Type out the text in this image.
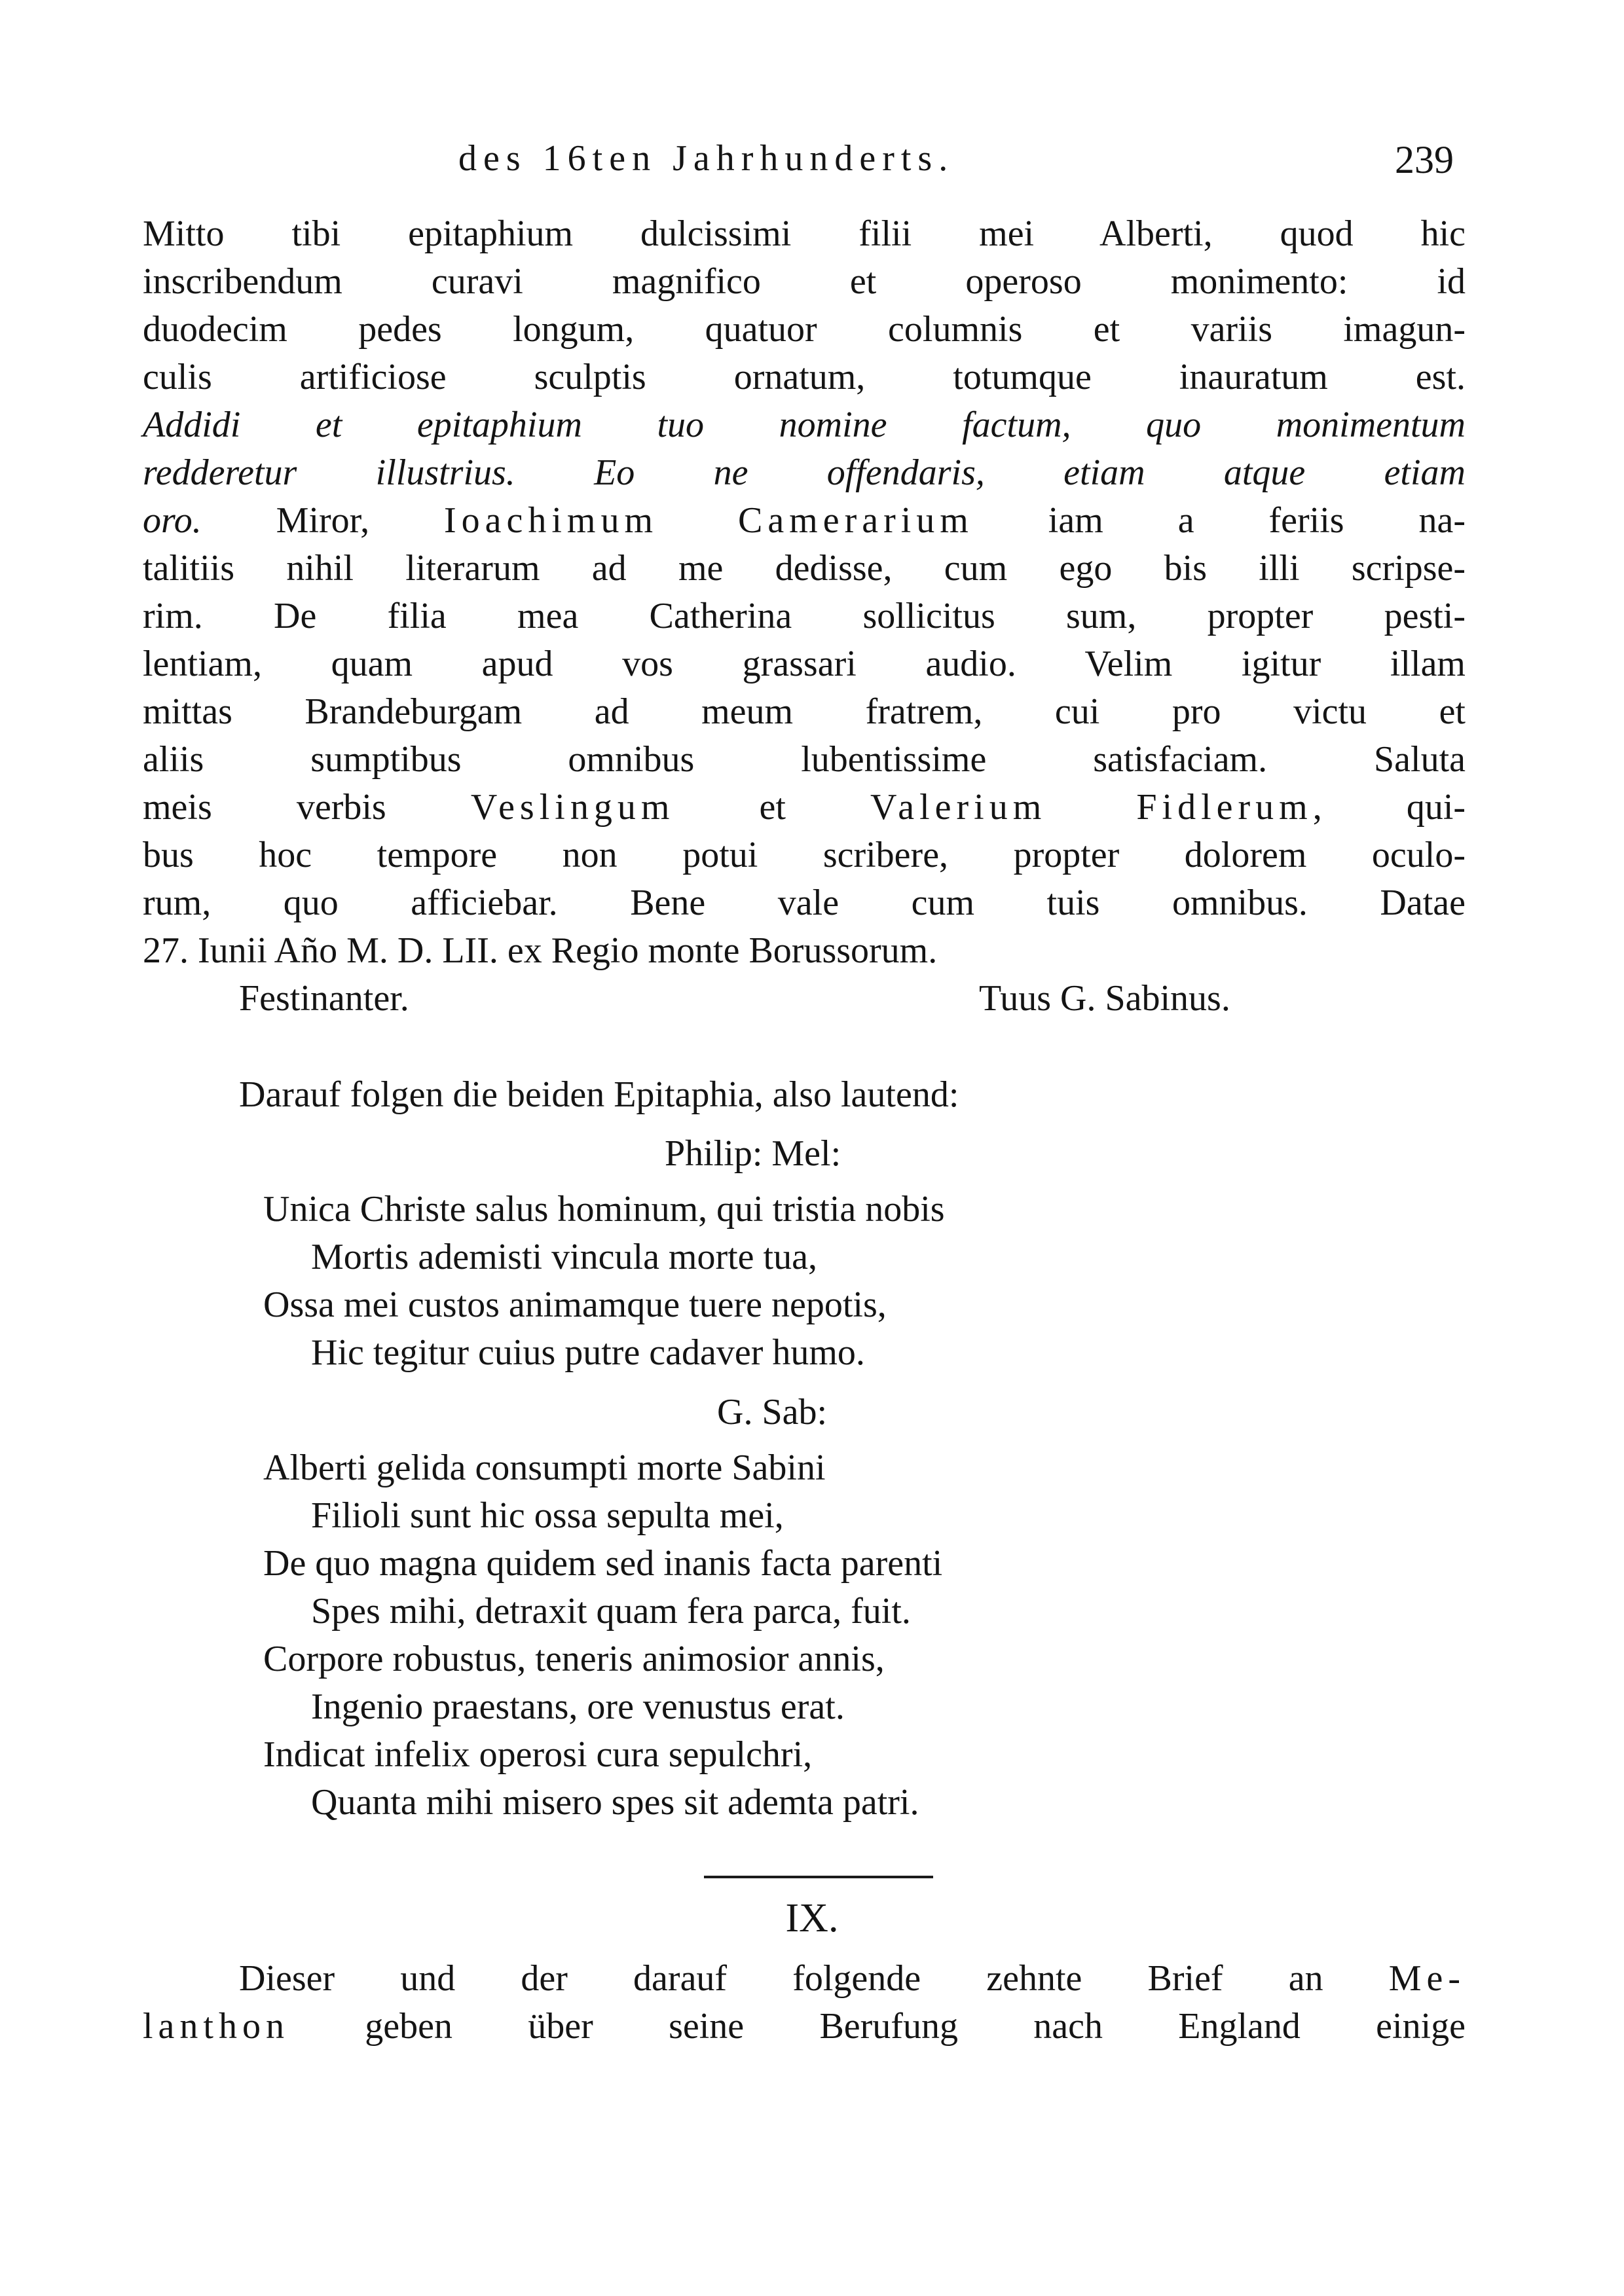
des 16ten Jahrhunderts.	239
Mitto tibi epitaphium dulcissimi filii mei Alberti, quod hic
inscribendum curavi magnifico et operoso monimento: id
duodecim pedes longum, quatuor columnis et variis imagun-
culis artificiose sculptis ornatum, totumque inauratum est.
Addidi et epitaphium tuo nomine factum, quo monimentum
redderetur illustrius. Eo ne offendaris, etiam atque etiam
oro. Miror, Ioachimum Camerarium iam a feriis na-
talitiis nihil literarum ad me dedisse, cum ego bis illi scripse-
rim. De filia mea Catherina sollicitus sum, propter pesti-
lentiam, quam apud vos grassari audio. Velim igitur illam
mittas Brandeburgam ad meum fratrem, cui pro victu et
aliis sumptibus omnibus lubentissime satisfaciam. Saluta
meis verbis Veslingum et Valerium Fidlerum, qui-
bus hoc tempore non potui scribere, propter dolorem oculo-
rum, quo afficiebar. Bene vale cum tuis omnibus. Datae
27. Iunii Año M. D. LII. ex Regio monte Borussorum.
Festinanter.	Tuus G. Sabinus.
Darauf folgen die beiden Epitaphia, also lautend:
Philip: Mel:
Unica Christe salus hominum, qui tristia nobis
Mortis ademisti vincula morte tua,
Ossa mei custos animamque tuere nepotis,
Hic tegitur cuius putre cadaver humo.
G. Sab:
Alberti gelida consumpti morte Sabini
Filioli sunt hic ossa sepulta mei,
De quo magna quidem sed inanis facta parenti
Spes mihi, detraxit quam fera parca, fuit.
Corpore robustus, teneris animosior annis,
Ingenio praestans, ore venustus erat.
Indicat infelix operosi cura sepulchri,
Quanta mihi misero spes sit ademta patri.
IX.
Dieser und der darauf folgende zehnte Brief an Me-
lanthon geben über seine Berufung nach England einige
